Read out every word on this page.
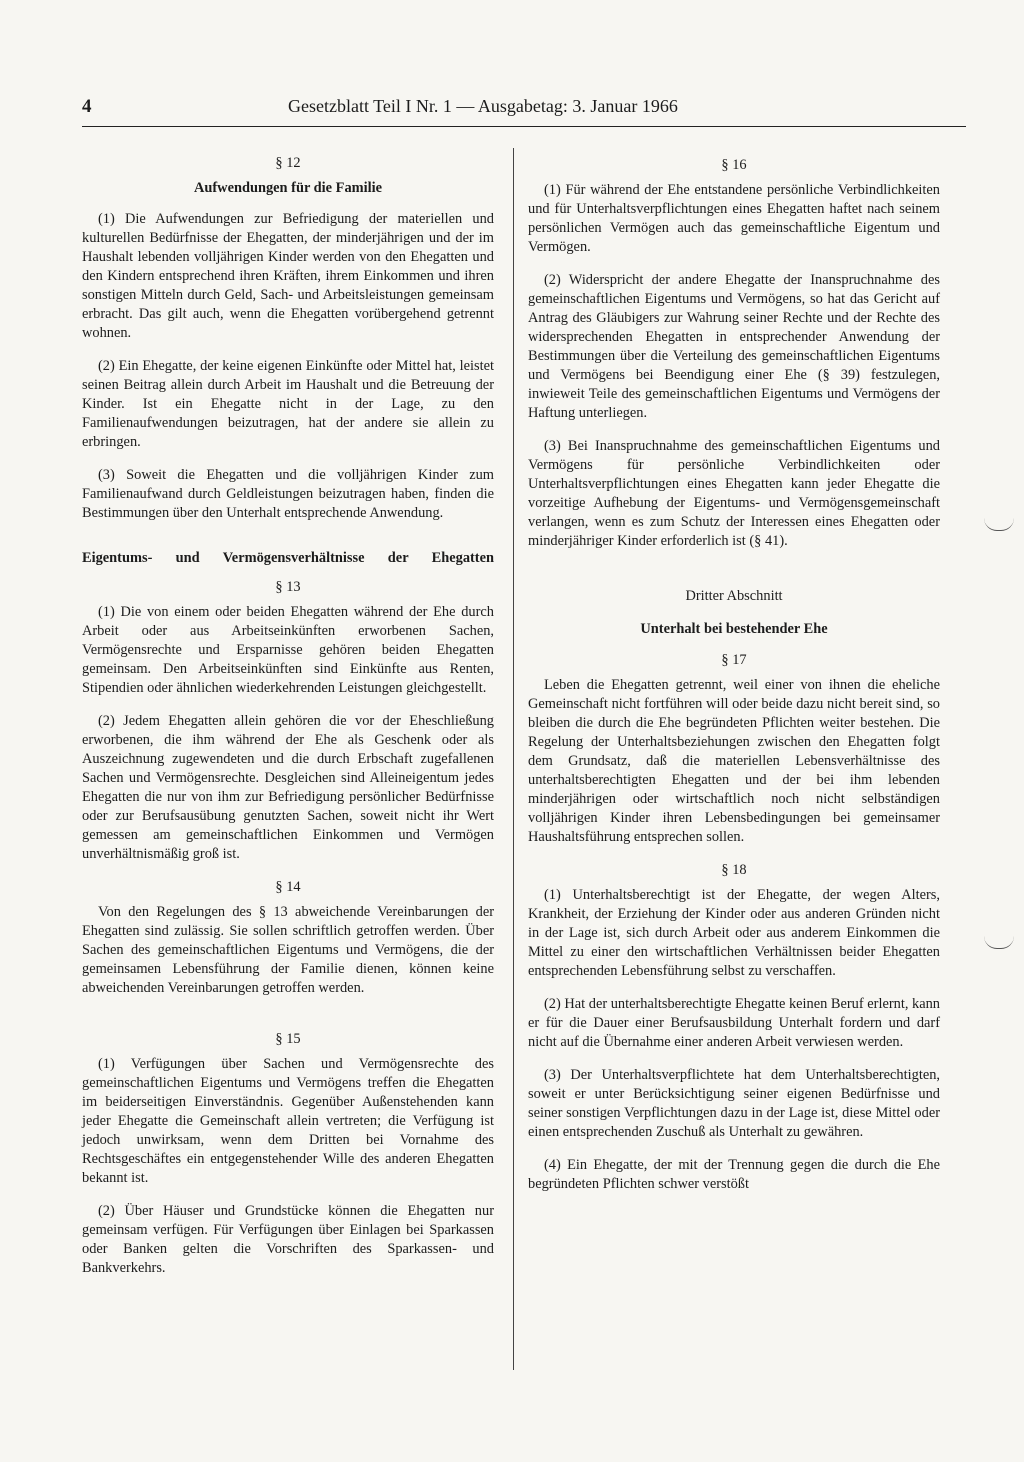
4	Gesetzblatt Teil I Nr. 1 — Ausgabetag: 3. Januar 1966
§ 12
Aufwendungen für die Familie

(1) Die Aufwendungen zur Befriedigung der materiellen und kulturellen Bedürfnisse der Ehegatten, der minderjährigen und der im Haushalt lebenden volljährigen Kinder werden von den Ehegatten und den Kindern entsprechend ihren Kräften, ihrem Einkommen und ihren sonstigen Mitteln durch Geld, Sach- und Arbeitsleistungen gemeinsam erbracht. Das gilt auch, wenn die Ehegatten vorübergehend getrennt wohnen.

(2) Ein Ehegatte, der keine eigenen Einkünfte oder Mittel hat, leistet seinen Beitrag allein durch Arbeit im Haushalt und die Betreuung der Kinder. Ist ein Ehegatte nicht in der Lage, zu den Familienaufwendungen beizutragen, hat der andere sie allein zu erbringen.

(3) Soweit die Ehegatten und die volljährigen Kinder zum Familienaufwand durch Geldleistungen beizutragen haben, finden die Bestimmungen über den Unterhalt entsprechende Anwendung.

Eigentums- und Vermögensverhältnisse der Ehegatten
§ 13

(1) Die von einem oder beiden Ehegatten während der Ehe durch Arbeit oder aus Arbeitseinkünften erworbenen Sachen, Vermögensrechte und Ersparnisse gehören beiden Ehegatten gemeinsam. Den Arbeitseinkünften sind Einkünfte aus Renten, Stipendien oder ähnlichen wiederkehrenden Leistungen gleichgestellt.

(2) Jedem Ehegatten allein gehören die vor der Eheschließung erworbenen, die ihm während der Ehe als Geschenk oder als Auszeichnung zugewendeten und die durch Erbschaft zugefallenen Sachen und Vermögensrechte. Desgleichen sind Alleineigentum jedes Ehegatten die nur von ihm zur Befriedigung persönlicher Bedürfnisse oder zur Berufsausübung genutzten Sachen, soweit nicht ihr Wert gemessen am gemeinschaftlichen Einkommen und Vermögen unverhältnismäßig groß ist.

§ 14

Von den Regelungen des § 13 abweichende Vereinbarungen der Ehegatten sind zulässig. Sie sollen schriftlich getroffen werden. Über Sachen des gemeinschaftlichen Eigentums und Vermögens, die der gemeinsamen Lebensführung der Familie dienen, können keine abweichenden Vereinbarungen getroffen werden.

§ 15

(1) Verfügungen über Sachen und Vermögensrechte des gemeinschaftlichen Eigentums und Vermögens treffen die Ehegatten im beiderseitigen Einverständnis. Gegenüber Außenstehenden kann jeder Ehegatte die Gemeinschaft allein vertreten; die Verfügung ist jedoch unwirksam, wenn dem Dritten bei Vornahme des Rechtsgeschäftes ein entgegenstehender Wille des anderen Ehegatten bekannt ist.

(2) Über Häuser und Grundstücke können die Ehegatten nur gemeinsam verfügen. Für Verfügungen über Einlagen bei Sparkassen oder Banken gelten die Vorschriften des Sparkassen- und Bankverkehrs.

§ 16

(1) Für während der Ehe entstandene persönliche Verbindlichkeiten und für Unterhaltsverpflichtungen eines Ehegatten haftet nach seinem persönlichen Vermögen auch das gemeinschaftliche Eigentum und Vermögen.

(2) Widerspricht der andere Ehegatte der Inanspruchnahme des gemeinschaftlichen Eigentums und Vermögens, so hat das Gericht auf Antrag des Gläubigers zur Wahrung seiner Rechte und der Rechte des widersprechenden Ehegatten in entsprechender Anwendung der Bestimmungen über die Verteilung des gemeinschaftlichen Eigentums und Vermögens bei Beendigung einer Ehe (§ 39) festzulegen, inwieweit Teile des gemeinschaftlichen Eigentums und Vermögens der Haftung unterliegen.

(3) Bei Inanspruchnahme des gemeinschaftlichen Eigentums und Vermögens für persönliche Verbindlichkeiten oder Unterhaltsverpflichtungen eines Ehegatten kann jeder Ehegatte die vorzeitige Aufhebung der Eigentums- und Vermögensgemeinschaft verlangen, wenn es zum Schutz der Interessen eines Ehegatten oder minderjähriger Kinder erforderlich ist (§ 41).

Dritter Abschnitt
Unterhalt bei bestehender Ehe
§ 17

Leben die Ehegatten getrennt, weil einer von ihnen die eheliche Gemeinschaft nicht fortführen will oder beide dazu nicht bereit sind, so bleiben die durch die Ehe begründeten Pflichten weiter bestehen. Die Regelung der Unterhaltsbeziehungen zwischen den Ehegatten folgt dem Grundsatz, daß die materiellen Lebensverhältnisse des unterhaltsberechtigten Ehegatten und der bei ihm lebenden minderjährigen oder wirtschaftlich noch nicht selbständigen volljährigen Kinder ihren Lebensbedingungen bei gemeinsamer Haushaltsführung entsprechen sollen.

§ 18

(1) Unterhaltsberechtigt ist der Ehegatte, der wegen Alters, Krankheit, der Erziehung der Kinder oder aus anderen Gründen nicht in der Lage ist, sich durch Arbeit oder aus anderem Einkommen die Mittel zu einer den wirtschaftlichen Verhältnissen beider Ehegatten entsprechenden Lebensführung selbst zu verschaffen.

(2) Hat der unterhaltsberechtigte Ehegatte keinen Beruf erlernt, kann er für die Dauer einer Berufsausbildung Unterhalt fordern und darf nicht auf die Übernahme einer anderen Arbeit verwiesen werden.

(3) Der Unterhaltsverpflichtete hat dem Unterhaltsberechtigten, soweit er unter Berücksichtigung seiner eigenen Bedürfnisse und seiner sonstigen Verpflichtungen dazu in der Lage ist, diese Mittel oder einen entsprechenden Zuschuß als Unterhalt zu gewähren.

(4) Ein Ehegatte, der mit der Trennung gegen die durch die Ehe begründeten Pflichten schwer verstößt
